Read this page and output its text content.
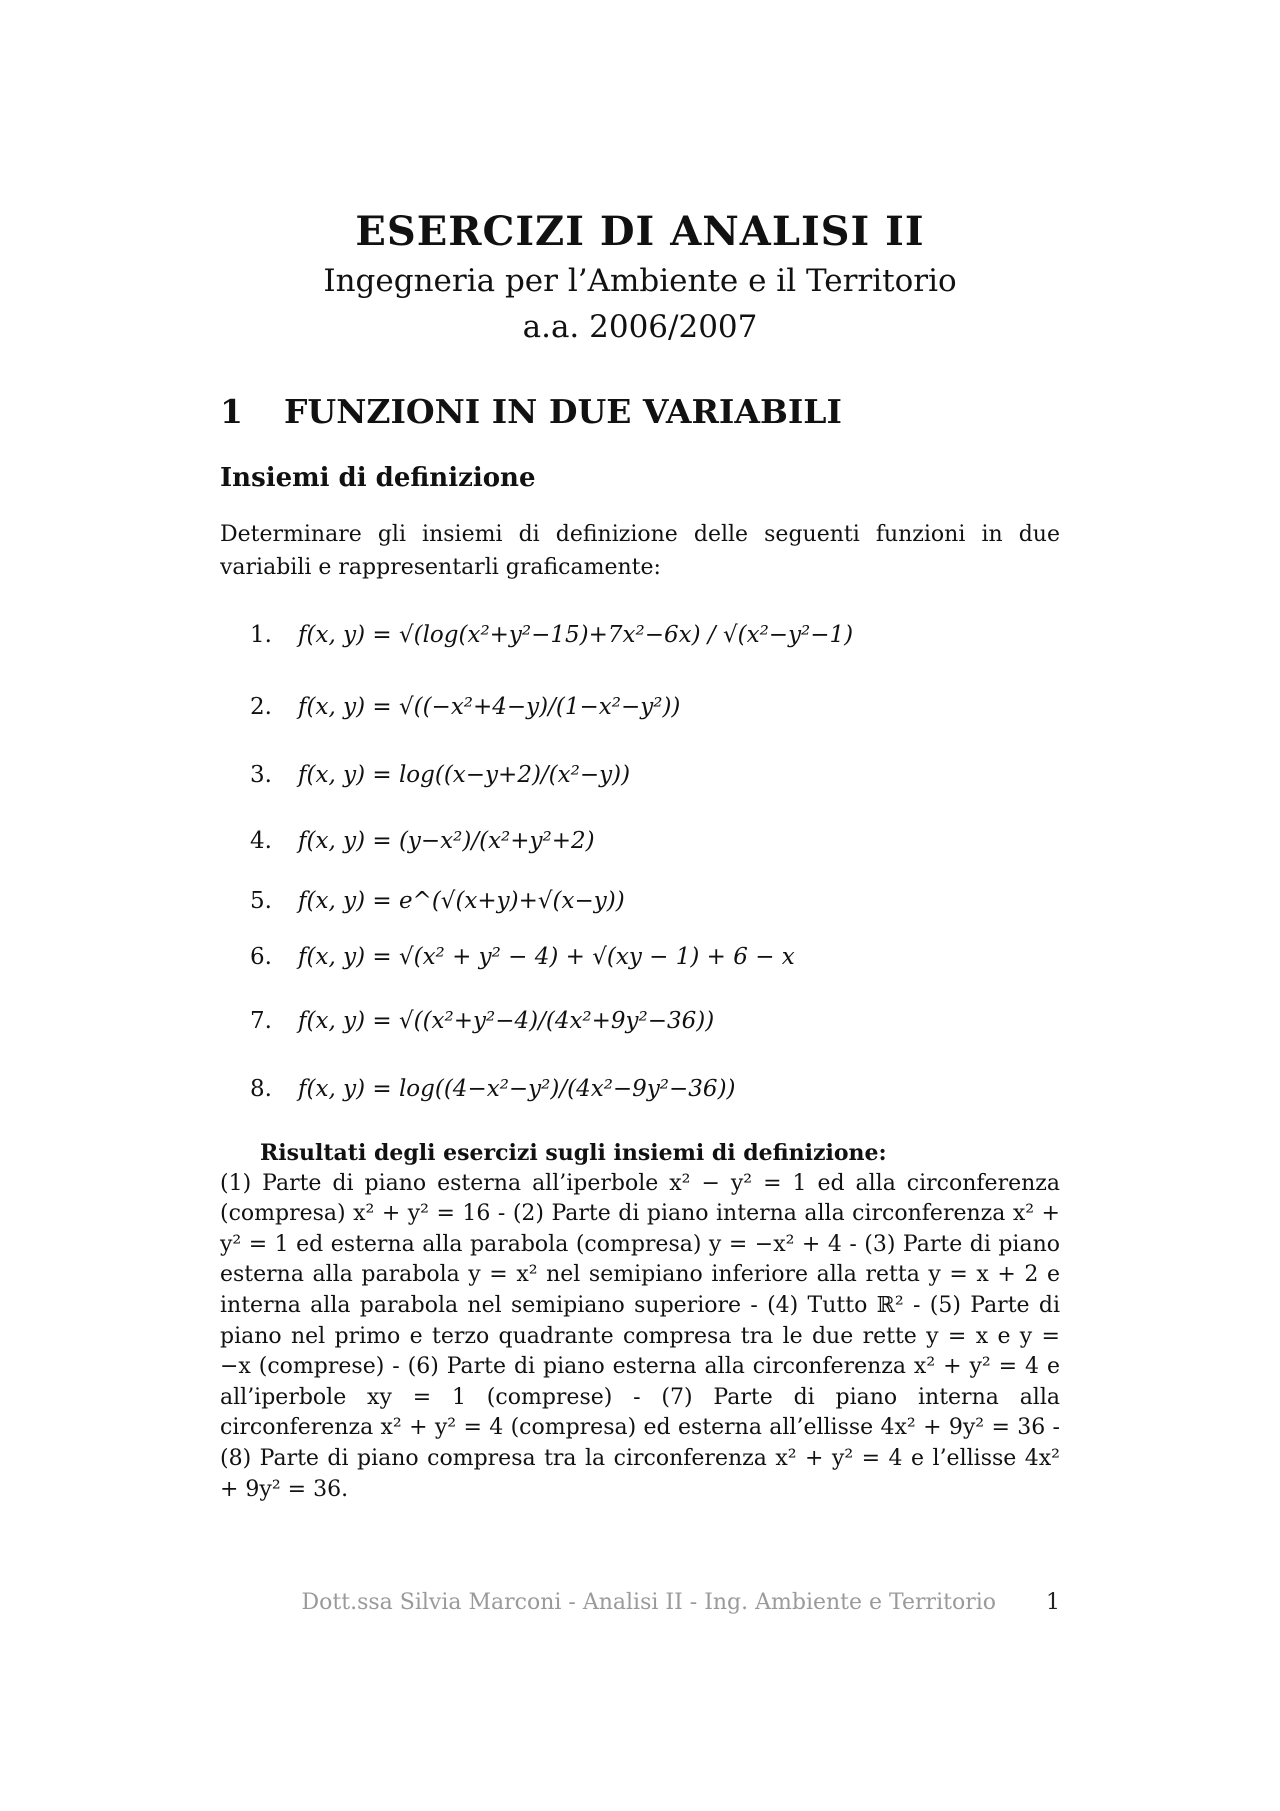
ESERCIZI DI ANALISI II

Ingegneria per l’Ambiente e il Territorio

a.a. 2006/2007

1 FUNZIONI IN DUE VARIABILI
Insiemi di definizione

Determinare gli insiemi di definizione delle seguenti funzioni in due variabili e rappresentarli graficamente:

1.	f(x, y) = √(log(x²+y²−15)+7x²−6x) / √(x²−y²−1)
2.	f(x, y) = √((−x²+4−y)/(1−x²−y²))
3.	f(x, y) = log((x−y+2)/(x²−y))
4.	f(x, y) = (y−x²)/(x²+y²+2)
5.	f(x, y) = e^(√(x+y)+√(x−y))
6.	f(x, y) = √(x² + y² − 4) + √(xy − 1) + 6 − x
7.	f(x, y) = √((x²+y²−4)/(4x²+9y²−36))
8.	f(x, y) = log((4−x²−y²)/(4x²−9y²−36))
Risultati degli esercizi sugli insiemi di definizione:
(1) Parte di piano esterna all’iperbole x² − y² = 1 ed alla circonferenza (compresa) x² + y² = 16 - (2) Parte di piano interna alla circonferenza x² + y² = 1 ed esterna alla parabola (compresa) y = −x² + 4 - (3) Parte di piano esterna alla parabola y = x² nel semipiano inferiore alla retta y = x + 2 e interna alla parabola nel semipiano superiore - (4) Tutto ℝ² - (5) Parte di piano nel primo e terzo quadrante compresa tra le due rette y = x e y = −x (comprese) - (6) Parte di piano esterna alla circonferenza x² + y² = 4 e all’iperbole xy = 1 (comprese) - (7) Parte di piano interna alla circonferenza x² + y² = 4 (compresa) ed esterna all’ellisse 4x² + 9y² = 36 - (8) Parte di piano compresa tra la circonferenza x² + y² = 4 e l’ellisse 4x² + 9y² = 36.
Dott.ssa Silvia Marconi - Analisi II - Ing. Ambiente e Territorio 1
